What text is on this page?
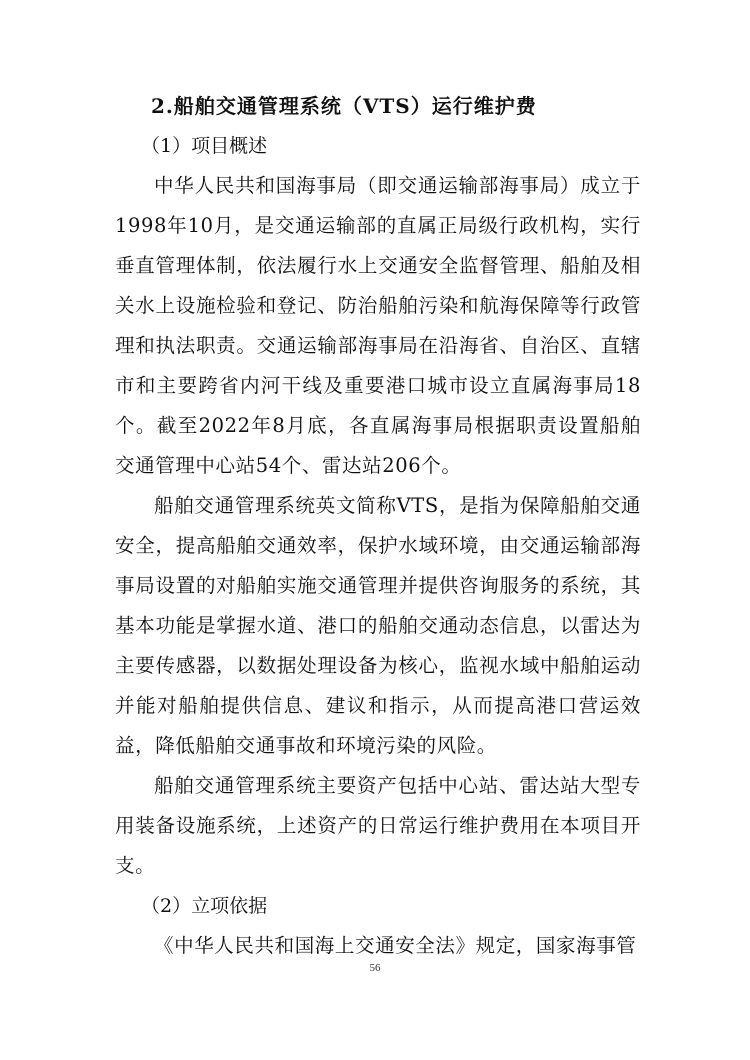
2.船舶交通管理系统（VTS）运行维护费

（1）项目概述

中华人民共和国海事局（即交通运输部海事局）成立于1998年10月，是交通运输部的直属正局级行政机构，实行垂直管理体制，依法履行水上交通安全监督管理、船舶及相关水上设施检验和登记、防治船舶污染和航海保障等行政管理和执法职责。交通运输部海事局在沿海省、自治区、直辖市和主要跨省内河干线及重要港口城市设立直属海事局18个。截至2022年8月底，各直属海事局根据职责设置船舶交通管理中心站54个、雷达站206个。

船舶交通管理系统英文简称VTS，是指为保障船舶交通安全，提高船舶交通效率，保护水域环境，由交通运输部海事局设置的对船舶实施交通管理并提供咨询服务的系统，其基本功能是掌握水道、港口的船舶交通动态信息，以雷达为主要传感器，以数据处理设备为核心，监视水域中船舶运动并能对船舶提供信息、建议和指示，从而提高港口营运效益，降低船舶交通事故和环境污染的风险。

船舶交通管理系统主要资产包括中心站、雷达站大型专用装备设施系统，上述资产的日常运行维护费用在本项目开支。

（2）立项依据

《中华人民共和国海上交通安全法》规定，国家海事管

56
